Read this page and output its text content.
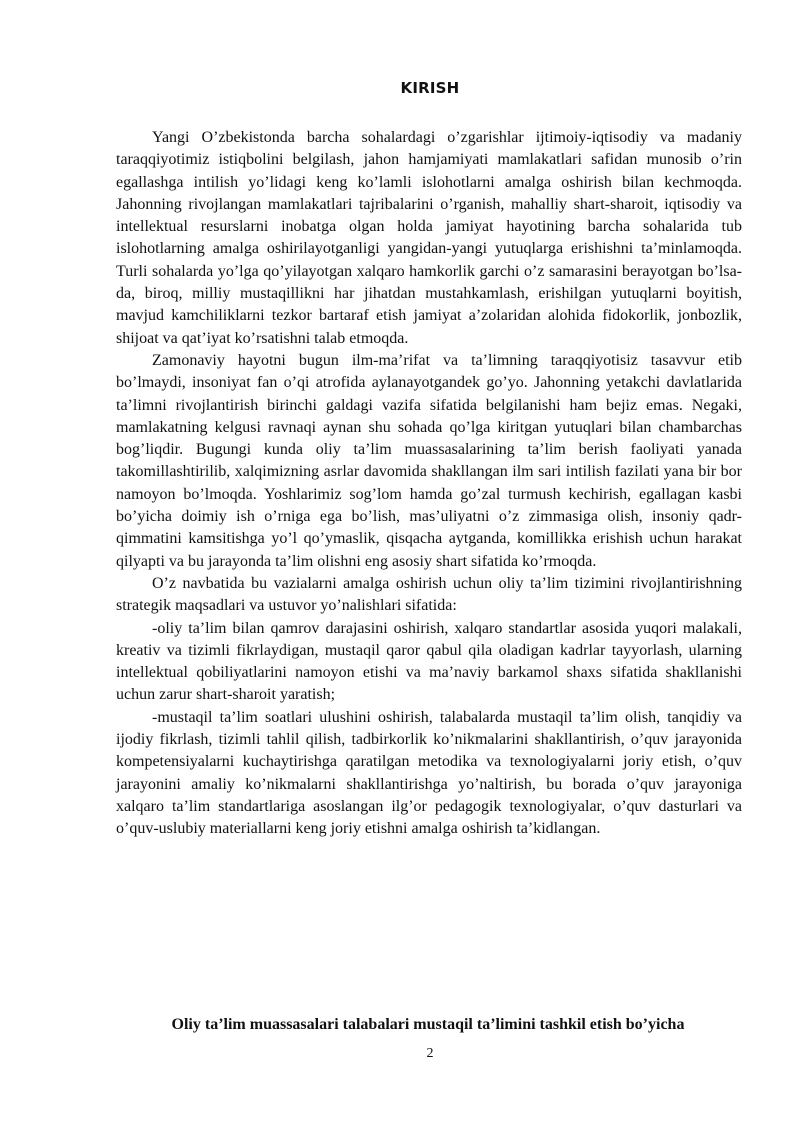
KIRISH

Yangi O’zbekistonda barcha sohalardagi o’zgarishlar ijtimoiy-iqtisodiy va madaniy taraqqiyotimiz istiqbolini belgilash, jahon hamjamiyati mamlakatlari safidan munosib o’rin egallashga intilish yo’lidagi keng ko’lamli islohotlarni amalga oshirish bilan kechmoqda. Jahonning rivojlangan mamlakatlari tajribalarini o’rganish, mahalliy shart-sharoit, iqtisodiy va intellektual resurslarni inobatga olgan holda jamiyat hayotining barcha sohalarida tub islohotlarning amalga oshirilayotganligi yangidan-yangi yutuqlarga erishishni ta’minlamoqda. Turli sohalarda yo’lga qo’yilayotgan xalqaro hamkorlik garchi o’z samarasini berayotgan bo’lsa-da, biroq, milliy mustaqillikni har jihatdan mustahkamlash, erishilgan yutuqlarni boyitish, mavjud kamchiliklarni tezkor bartaraf etish jamiyat a’zolaridan alohida fidokorlik, jonbozlik, shijoat va qat’iyat ko’rsatishni talab etmoqda.

Zamonaviy hayotni bugun ilm-ma’rifat va ta’limning taraqqiyotisiz tasavvur etib bo’lmaydi, insoniyat fan o’qi atrofida aylanayotgandek go’yo. Jahonning yetakchi davlatlarida ta’limni rivojlantirish birinchi galdagi vazifa sifatida belgilanishi ham bejiz emas. Negaki, mamlakatning kelgusi ravnaqi aynan shu sohada qo’lga kiritgan yutuqlari bilan chambarchas bog’liqdir. Bugungi kunda oliy ta’lim muassasalarining ta’lim berish faoliyati yanada takomillashtirilib, xalqimizning asrlar davomida shakllangan ilm sari intilish fazilati yana bir bor namoyon bo’lmoqda. Yoshlarimiz sog’lom hamda go’zal turmush kechirish, egallagan kasbi bo’yicha doimiy ish o’rniga ega bo’lish, mas’uliyatni o’z zimmasiga olish, insoniy qadr-qimmatini kamsitishga yo’l qo’ymaslik, qisqacha aytganda, komillikka erishish uchun harakat qilyapti va bu jarayonda ta’lim olishni eng asosiy shart sifatida ko’rmoqda.

O’z navbatida bu vazialarni amalga oshirish uchun oliy ta’lim tizimini rivojlantirishning strategik maqsadlari va ustuvor yo’nalishlari sifatida:

-oliy ta’lim bilan qamrov darajasini oshirish, xalqaro standartlar asosida yuqori malakali, kreativ va tizimli fikrlaydigan, mustaqil qaror qabul qila oladigan kadrlar tayyorlash, ularning intellektual qobiliyatlarini namoyon etishi va ma’naviy barkamol shaxs sifatida shakllanishi uchun zarur shart-sharoit yaratish;

-mustaqil ta’lim soatlari ulushini oshirish, talabalarda mustaqil ta’lim olish, tanqidiy va ijodiy fikrlash, tizimli tahlil qilish, tadbirkorlik ko’nikmalarini shakllantirish, o’quv jarayonida kompetensiyalarni kuchaytirishga qaratilgan metodika va texnologiyalarni joriy etish, o’quv jarayonini amaliy ko’nikmalarni shakllantirishga yo’naltirish, bu borada o’quv jarayoniga xalqaro ta’lim standartlariga asoslangan ilg’or pedagogik texnologiyalar, o’quv dasturlari va o’quv-uslubiy materiallarni keng joriy etishni amalga oshirish ta’kidlangan.

Oliy ta’lim muassasalari talabalari mustaqil ta’limini tashkil etish bo’yicha
2
